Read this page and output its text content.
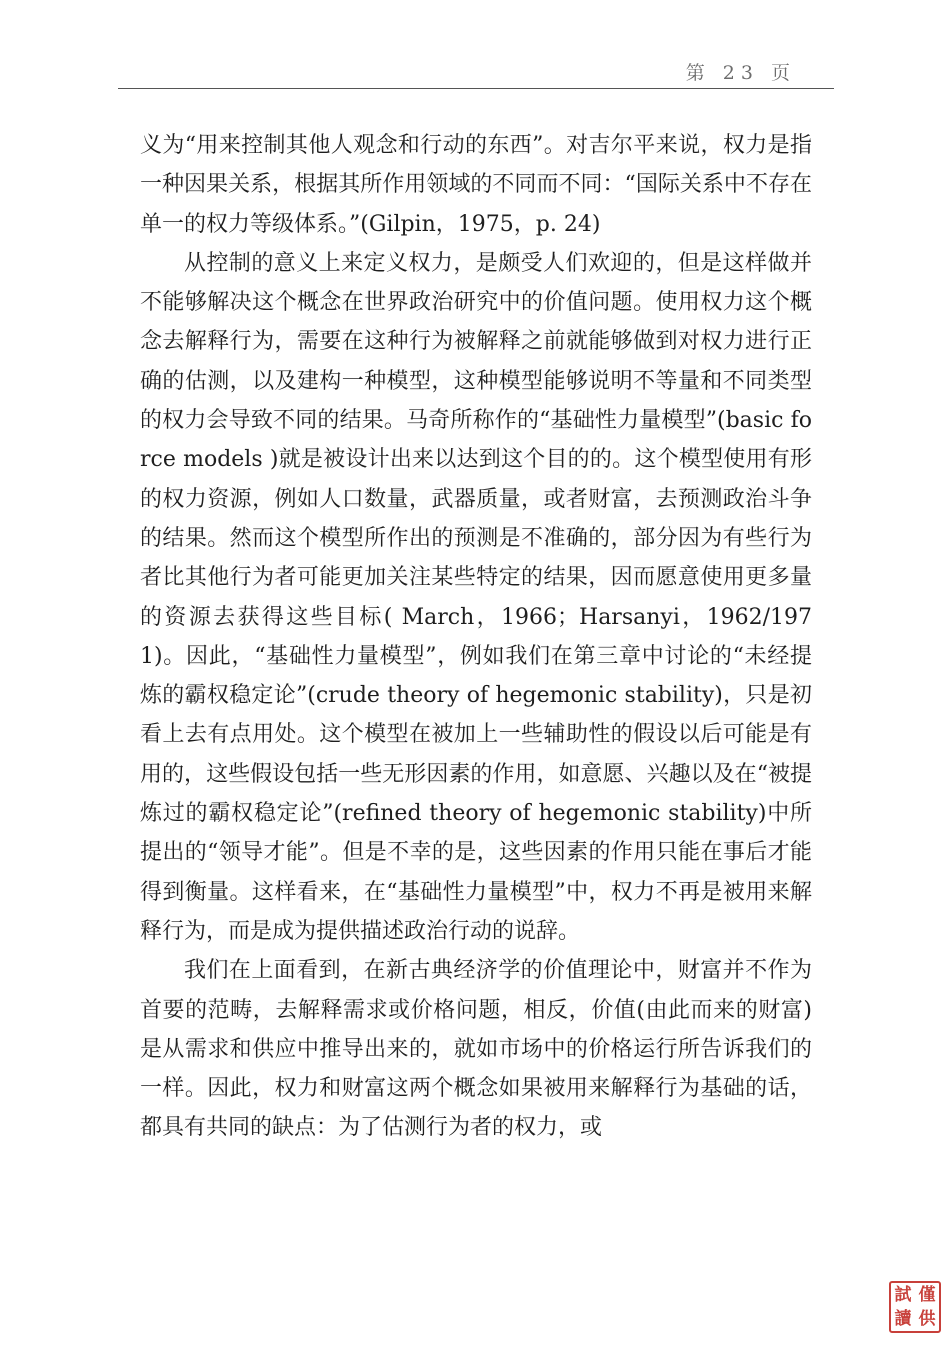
第 23 页

义为“用来控制其他人观念和行动的东西”。对吉尔平来说，权力是指一种因果关系，根据其所作用领域的不同而不同：“国际关系中不存在单一的权力等级体系。”(Gilpin，1975，p. 24)

从控制的意义上来定义权力，是颇受人们欢迎的，但是这样做并不能够解决这个概念在世界政治研究中的价值问题。使用权力这个概念去解释行为，需要在这种行为被解释之前就能够做到对权力进行正确的估测，以及建构一种模型，这种模型能够说明不等量和不同类型的权力会导致不同的结果。马奇所称作的“基础性力量模型”(basic force models )就是被设计出来以达到这个目的的。这个模型使用有形的权力资源，例如人口数量，武器质量，或者财富，去预测政治斗争的结果。然而这个模型所作出的预测是不准确的，部分因为有些行为者比其他行为者可能更加关注某些特定的结果，因而愿意使用更多量的资源去获得这些目标( March，1966；Harsanyi，1962/1971)。因此，“基础性力量模型”，例如我们在第三章中讨论的“未经提炼的霸权稳定论”(crude theory of hegemonic stability)，只是初看上去有点用处。这个模型在被加上一些辅助性的假设以后可能是有用的，这些假设包括一些无形因素的作用，如意愿、兴趣以及在“被提炼过的霸权稳定论”(refined theory of hegemonic stability)中所提出的“领导才能”。但是不幸的是，这些因素的作用只能在事后才能得到衡量。这样看来，在“基础性力量模型”中，权力不再是被用来解释行为，而是成为提供描述政治行动的说辞。

我们在上面看到，在新古典经济学的价值理论中，财富并不作为首要的范畴，去解释需求或价格问题，相反，价值(由此而来的财富)是从需求和供应中推导出来的，就如市场中的价格运行所告诉我们的一样。因此，权力和财富这两个概念如果被用来解释行为基础的话，都具有共同的缺点：为了估测行为者的权力，或

試 僅
讀 供
